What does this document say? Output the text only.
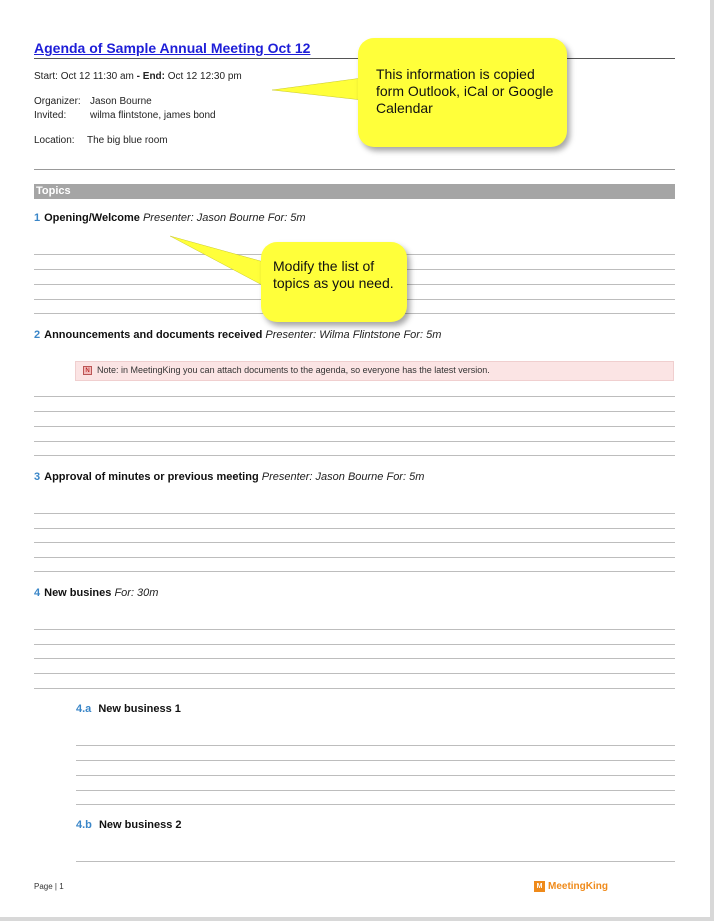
Agenda of Sample Annual Meeting Oct 12
Start: Oct 12 11:30 am - End: Oct 12 12:30 pm
Organizer: Jason Bourne
Invited: wilma flintstone, james bond
Location: The big blue room
Topics
1 Opening/Welcome Presenter: Jason Bourne For: 5m
2 Announcements and documents received Presenter: Wilma Flintstone For: 5m
N Note: in MeetingKing you can attach documents to the agenda, so everyone has the latest version.
3 Approval of minutes or previous meeting Presenter: Jason Bourne For: 5m
4 New busines For: 30m
4.a New business 1
4.b New business 2
This information is copied form Outlook, iCal or Google Calendar
Modify the list of topics as you need.
Page | 1	M MeetingKing
